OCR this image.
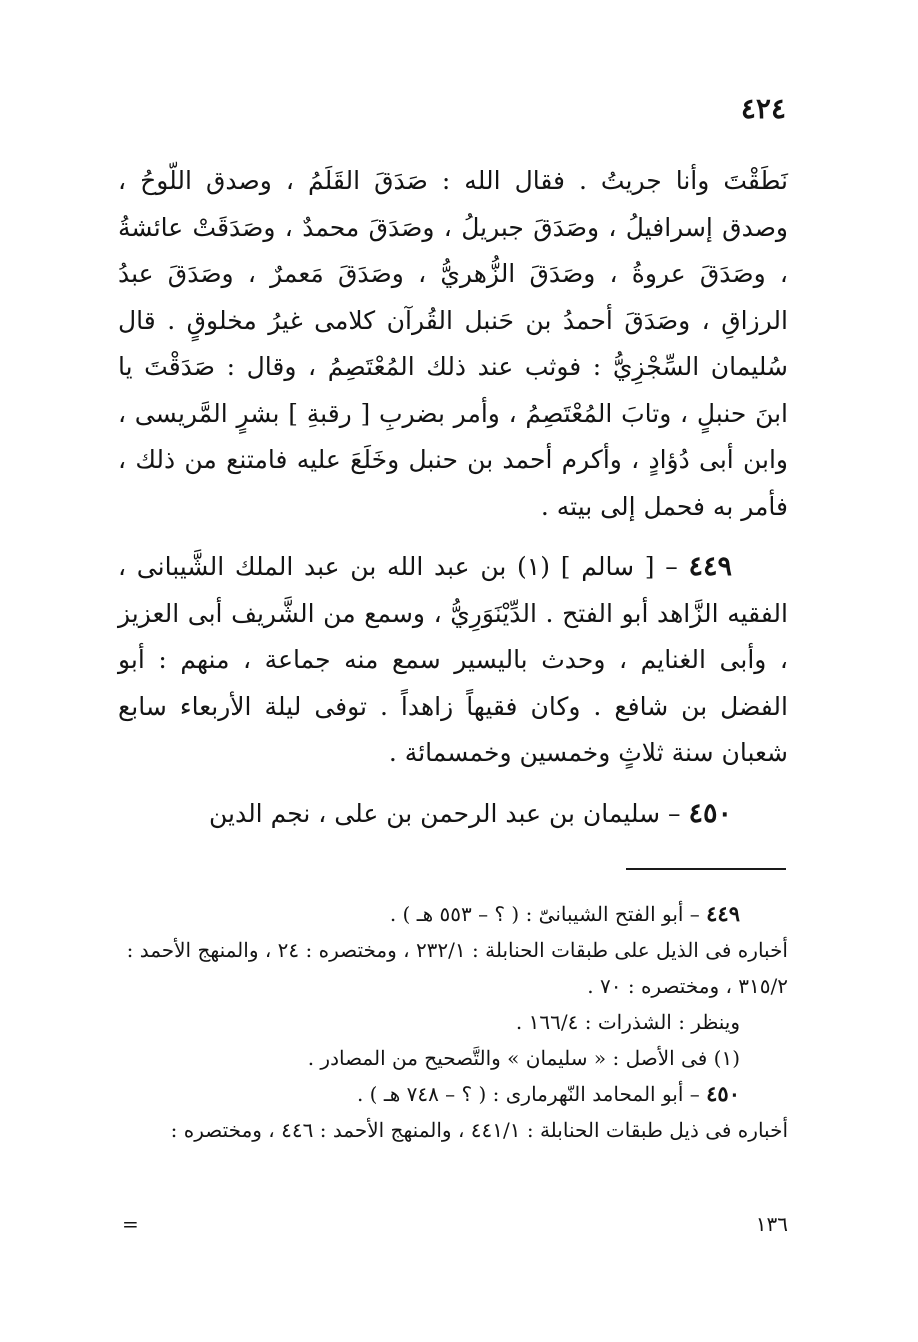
٤٢٤

نَطَقْتَ وأنا جريتُ . فقال الله : صَدَقَ القَلَمُ ، وصدق اللّوحُ ، وصدق إسرافيلُ ، وصَدَقَ جبريلُ ، وصَدَقَ محمدٌ ، وصَدَقَتْ عائشةُ ، وصَدَقَ عروةُ ، وصَدَقَ الزُّهريُّ ، وصَدَقَ مَعمرٌ ، وصَدَقَ عبدُ الرزاقِ ، وصَدَقَ أحمدُ بن حَنبل القُرآن كلامى غيرُ مخلوقٍ . قال سُليمان السِّجْزِيُّ : فوثب عند ذلك المُعْتَصِمُ ، وقال : صَدَقْتَ يا ابنَ حنبلٍ ، وتابَ المُعْتَصِمُ ، وأمر بضربِ [ رقبةِ ] بشرٍ المَّريسى ، وابن أبى دُؤادٍ ، وأكرم أحمد بن حنبل وخَلَعَ عليه فامتنع من ذلك ، فأمر به فحمل إلى بيته .

٤٤٩ – [ سالم ] (١) بن عبد الله بن عبد الملك الشَّيبانى ، الفقيه الزَّاهد أبو الفتح . الدِّيْنَوَرِيُّ ، وسمع من الشَّريف أبى العزيز ، وأبى الغنايم ، وحدث باليسير سمع منه جماعة ، منهم : أبو الفضل بن شافع . وكان فقيهاً زاهداً . توفى ليلة الأربعاء سابع شعبان سنة ثلاثٍ وخمسين وخمسمائة .

٤٥٠ – سليمان بن عبد الرحمن بن على ، نجم الدين

٤٤٩ – أبو الفتح الشيبانىّ : ( ؟ – ٥٥٣ هـ ) .

أخباره فى الذيل على طبقات الحنابلة : ٢٣٢/١ ، ومختصره : ٢٤ ، والمنهج الأحمد : ٣١٥/٢ ، ومختصره : ٧٠ .

وينظر : الشذرات : ١٦٦/٤ .

(١) فى الأصل : « سليمان » والتَّصحيح من المصادر .

٤٥٠ – أبو المحامد النّهرمارى : ( ؟ – ٧٤٨ هـ ) .

أخباره فى ذيل طبقات الحنابلة : ٤٤١/١ ، والمنهج الأحمد : ٤٤٦ ، ومختصره :

١٣٦
=
